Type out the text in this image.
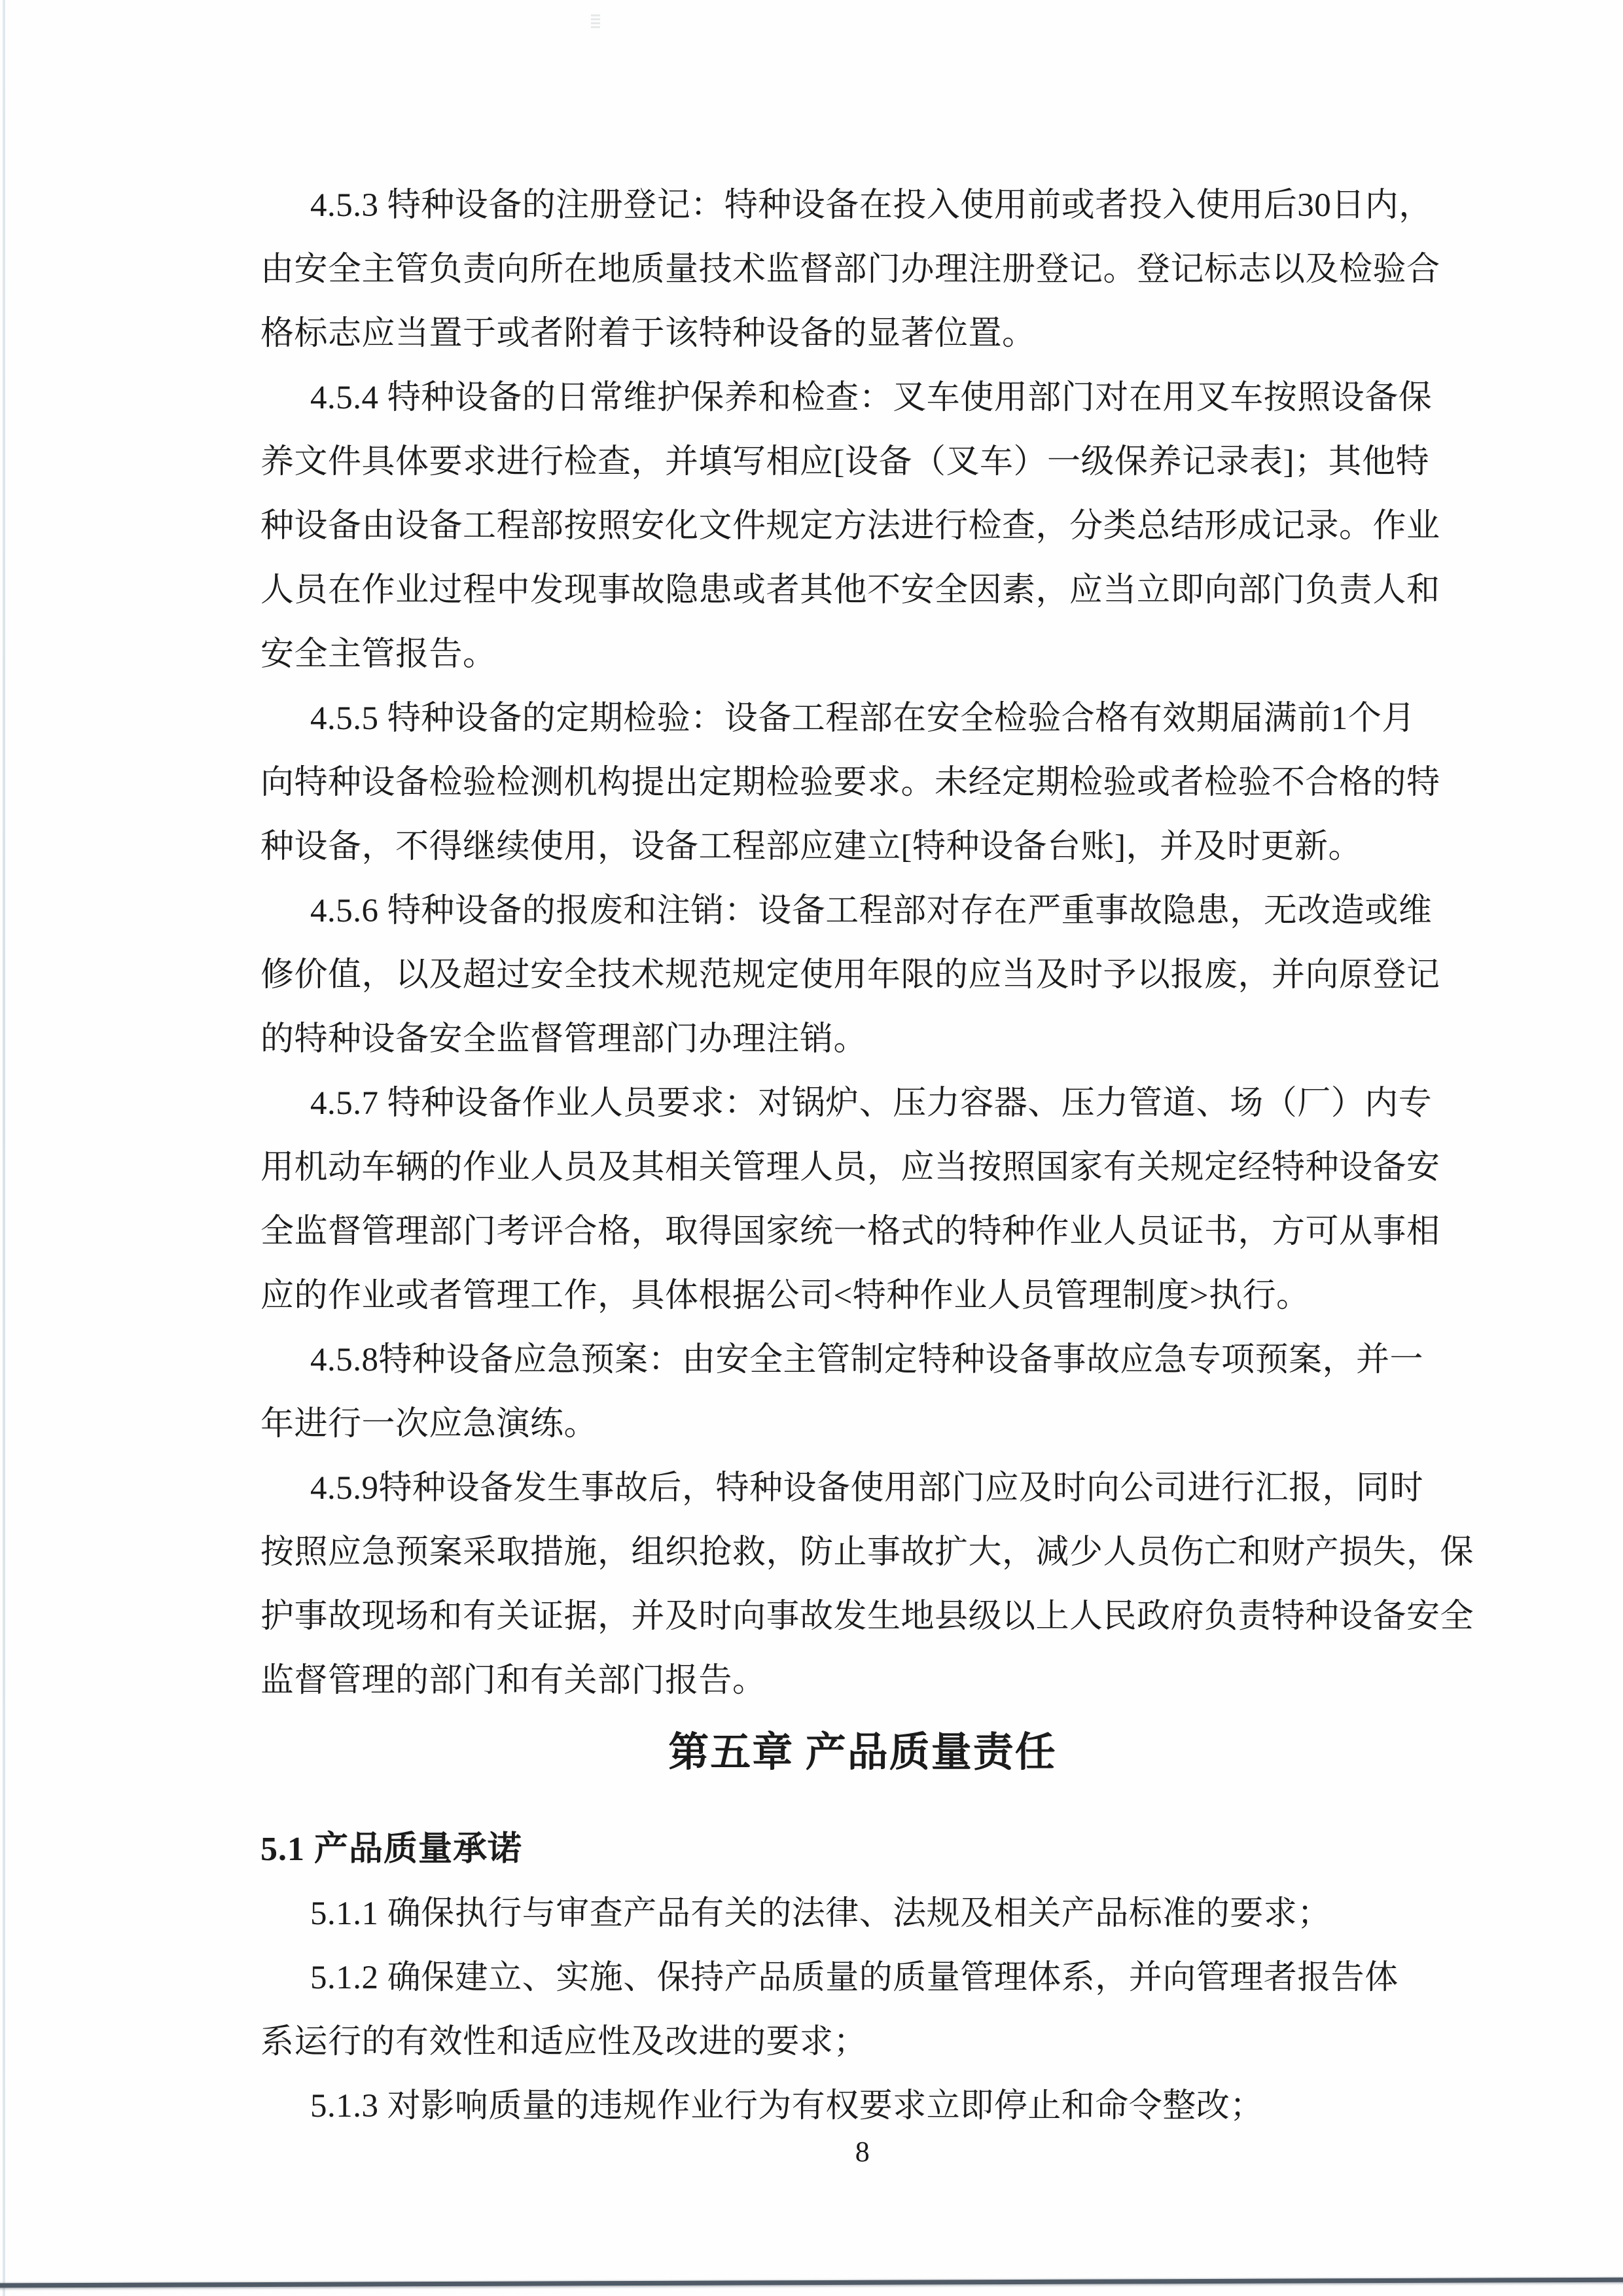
4.5.3 特种设备的注册登记：特种设备在投入使用前或者投入使用后30日内，
由安全主管负责向所在地质量技术监督部门办理注册登记。登记标志以及检验合
格标志应当置于或者附着于该特种设备的显著位置。
4.5.4 特种设备的日常维护保养和检查：叉车使用部门对在用叉车按照设备保
养文件具体要求进行检查，并填写相应[设备（叉车）一级保养记录表]；其他特
种设备由设备工程部按照安化文件规定方法进行检查，分类总结形成记录。作业
人员在作业过程中发现事故隐患或者其他不安全因素，应当立即向部门负责人和
安全主管报告。
4.5.5 特种设备的定期检验：设备工程部在安全检验合格有效期届满前1个月
向特种设备检验检测机构提出定期检验要求。未经定期检验或者检验不合格的特
种设备，不得继续使用，设备工程部应建立[特种设备台账]，并及时更新。
4.5.6 特种设备的报废和注销：设备工程部对存在严重事故隐患，无改造或维
修价值，以及超过安全技术规范规定使用年限的应当及时予以报废，并向原登记
的特种设备安全监督管理部门办理注销。
4.5.7 特种设备作业人员要求：对锅炉、压力容器、压力管道、场（厂）内专
用机动车辆的作业人员及其相关管理人员，应当按照国家有关规定经特种设备安
全监督管理部门考评合格，取得国家统一格式的特种作业人员证书，方可从事相
应的作业或者管理工作，具体根据公司<特种作业人员管理制度>执行。
4.5.8特种设备应急预案：由安全主管制定特种设备事故应急专项预案，并一
年进行一次应急演练。
4.5.9特种设备发生事故后，特种设备使用部门应及时向公司进行汇报，同时
按照应急预案采取措施，组织抢救，防止事故扩大，减少人员伤亡和财产损失，保
护事故现场和有关证据，并及时向事故发生地县级以上人民政府负责特种设备安全
监督管理的部门和有关部门报告。
第五章 产品质量责任
5.1 产品质量承诺
5.1.1 确保执行与审查产品有关的法律、法规及相关产品标准的要求；
5.1.2 确保建立、实施、保持产品质量的质量管理体系，并向管理者报告体
系运行的有效性和适应性及改进的要求；
5.1.3 对影响质量的违规作业行为有权要求立即停止和命令整改；
8
